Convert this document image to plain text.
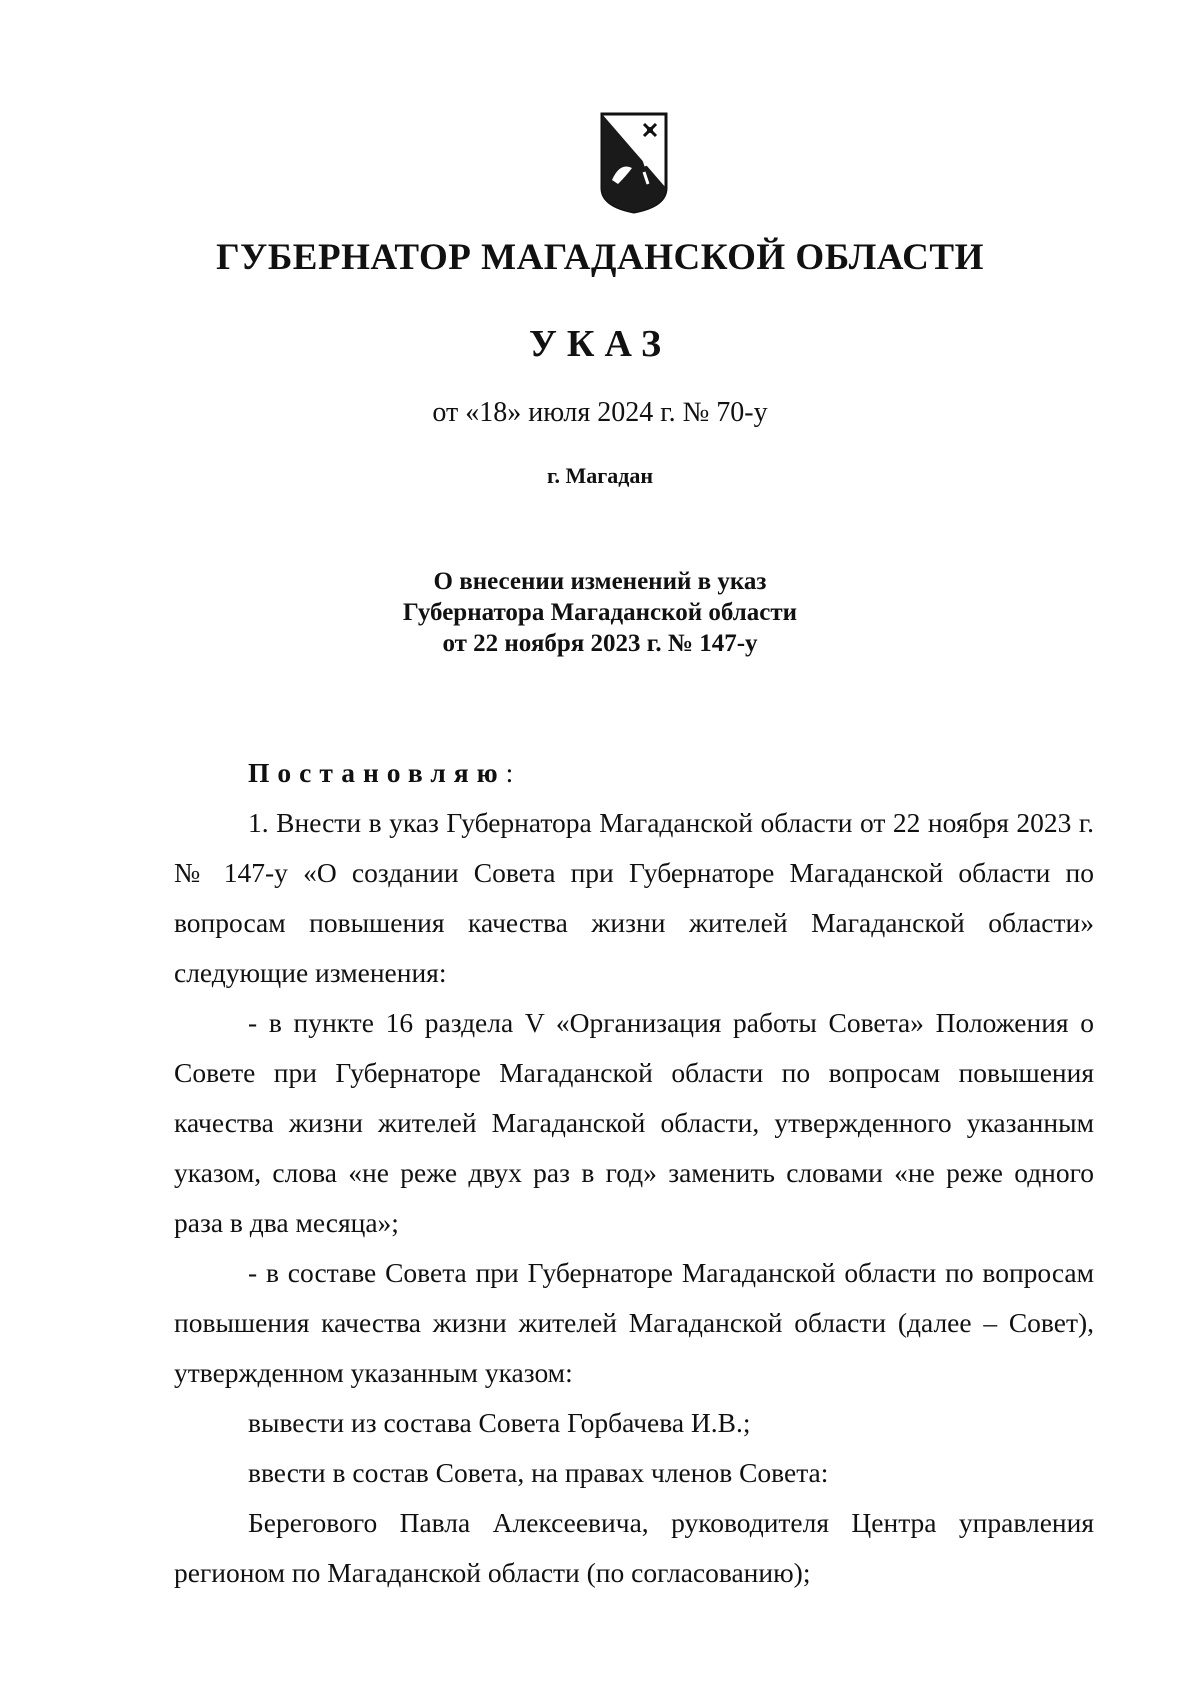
ГУБЕРНАТОР МАГАДАНСКОЙ ОБЛАСТИ

УКАЗ

от «18» июля 2024 г. № 70-у

г. Магадан

О внесении изменений в указ
Губернатора Магаданской области
от 22 ноября 2023 г. № 147-у

Постановляю:

1. Внести в указ Губернатора Магаданской области от 22 ноября 2023 г. № 147-у «О создании Совета при Губернаторе Магаданской области по вопросам повышения качества жизни жителей Магаданской области» следующие изменения:

- в пункте 16 раздела V «Организация работы Совета» Положения о Совете при Губернаторе Магаданской области по вопросам повышения качества жизни жителей Магаданской области, утвержденного указанным указом, слова «не реже двух раз в год» заменить словами «не реже одного раза в два месяца»;

- в составе Совета при Губернаторе Магаданской области по вопросам повышения качества жизни жителей Магаданской области (далее – Совет), утвержденном указанным указом:

вывести из состава Совета Горбачева И.В.;

ввести в состав Совета, на правах членов Совета:

Берегового Павла Алексеевича, руководителя Центра управления регионом по Магаданской области (по согласованию);
